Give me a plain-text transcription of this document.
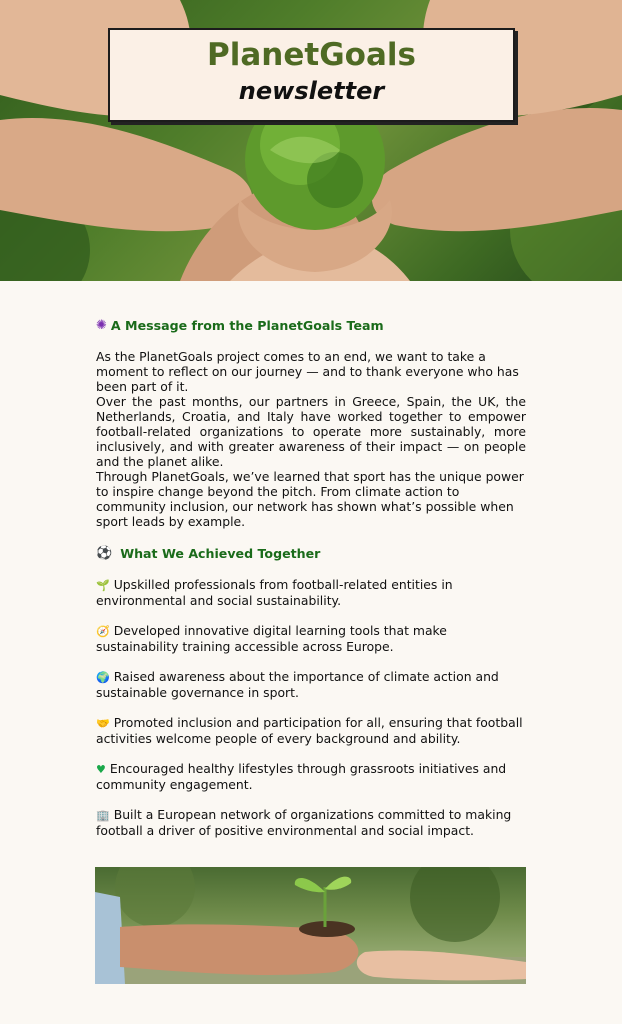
PlanetGoals
newsletter
✺ A Message from the PlanetGoals Team

As the PlanetGoals project comes to an end, we want to take a moment to reflect on our journey — and to thank everyone who has been part of it.

Over the past months, our partners in Greece, Spain, the UK, the Netherlands, Croatia, and Italy have worked together to empower football-related organizations to operate more sustainably, more inclusively, and with greater awareness of their impact — on people and the planet alike.

Through PlanetGoals, we’ve learned that sport has the unique power to inspire change beyond the pitch. From climate action to community inclusion, our network has shown what’s possible when sport leads by example.

⚽ What We Achieved Together

🌱 Upskilled professionals from football-related entities in environmental and social sustainability.

🧭 Developed innovative digital learning tools that make sustainability training accessible across Europe.

🌍 Raised awareness about the importance of climate action and sustainable governance in sport.

🤝 Promoted inclusion and participation for all, ensuring that football activities welcome people of every background and ability.

♥ Encouraged healthy lifestyles through grassroots initiatives and community engagement.

🏢 Built a European network of organizations committed to making football a driver of positive environmental and social impact.
